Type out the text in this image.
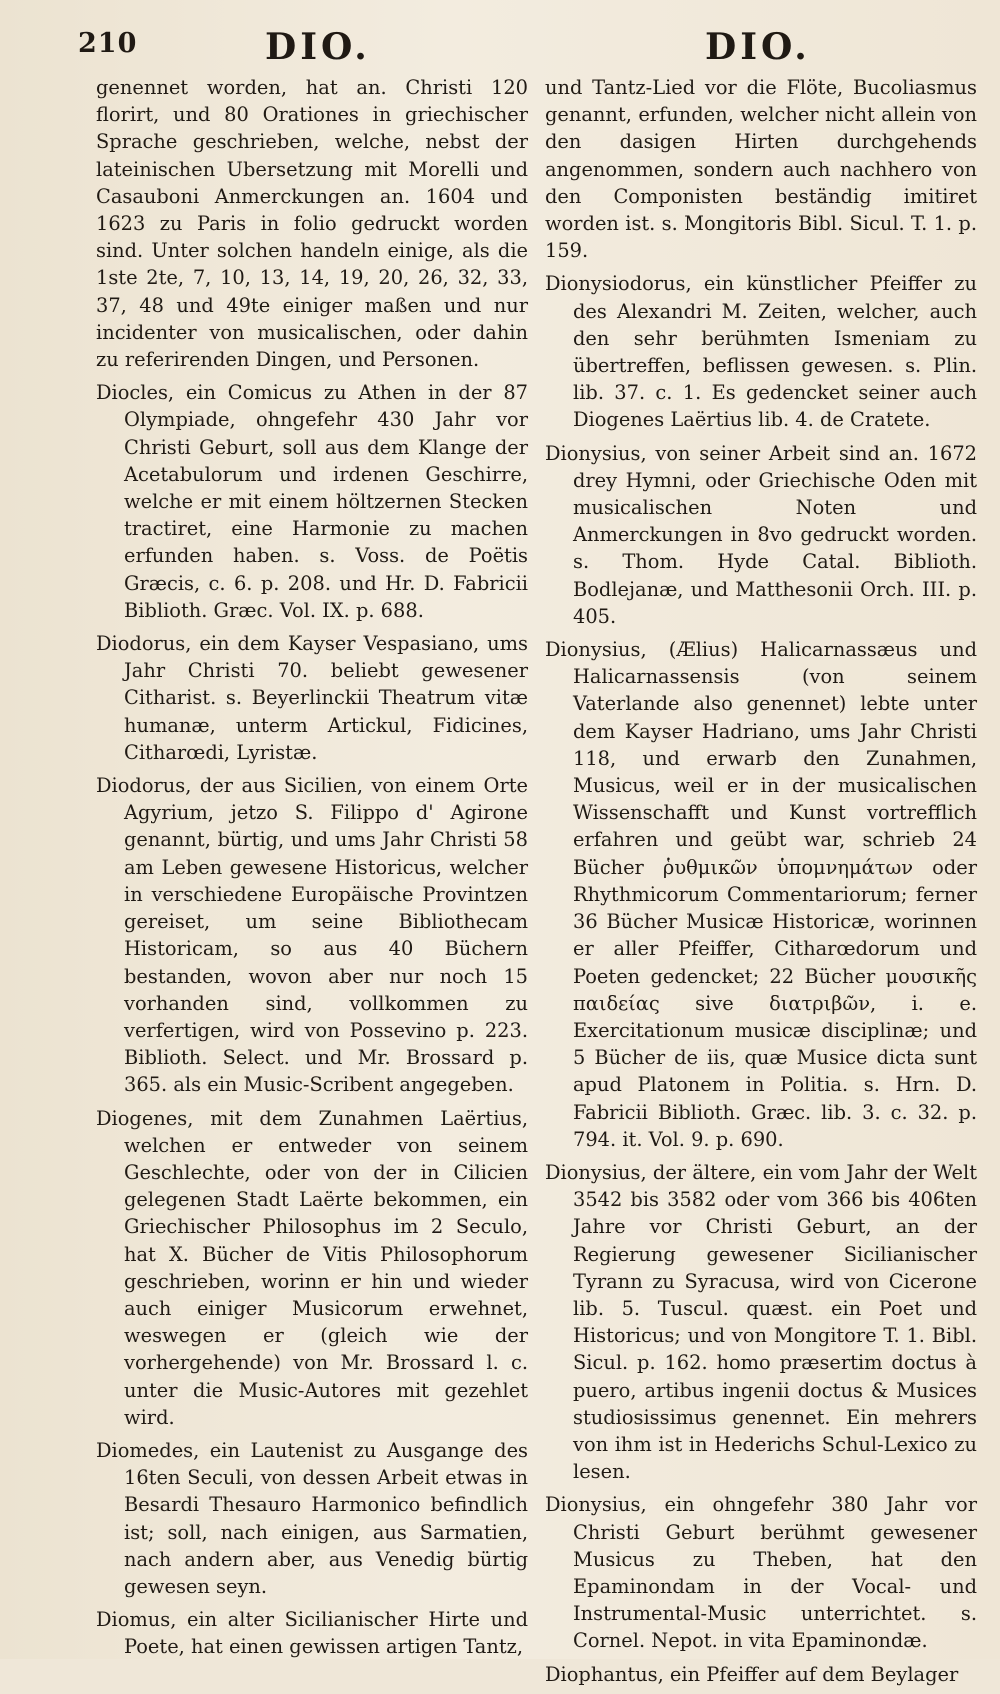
210	DIO.	DIO.
genennet worden, hat an. Christi 120 florirt, und 80 Orationes in griechischer Sprache geschrieben, welche, nebst der lateinischen Ubersetzung mit Morelli und Casauboni Anmerckungen an. 1604 und 1623 zu Paris in folio gedruckt worden sind. Unter solchen handeln einige, als die 1ste 2te, 7, 10, 13, 14, 19, 20, 26, 32, 33, 37, 48 und 49te einiger maßen und nur incidenter von musicalischen, oder dahin zu referirenden Dingen, und Personen.
Diocles, ein Comicus zu Athen in der 87 Olympiade, ohngefehr 430 Jahr vor Christi Geburt, soll aus dem Klange der Acetabulorum und irdenen Geschirre, welche er mit einem höltzernen Stecken tractiret, eine Harmonie zu machen erfunden haben. s. Voss. de Poëtis Græcis, c. 6. p. 208. und Hr. D. Fabricii Biblioth. Græc. Vol. IX. p. 688.
Diodorus, ein dem Kayser Vespasiano, ums Jahr Christi 70. beliebt gewesener Citharist. s. Beyerlinckii Theatrum vitæ humanæ, unterm Artickul, Fidicines, Citharœdi, Lyristæ.
Diodorus, der aus Sicilien, von einem Orte Agyrium, jetzo S. Filippo d' Agirone genannt, bürtig, und ums Jahr Christi 58 am Leben gewesene Historicus, welcher in verschiedene Europäische Provintzen gereiset, um seine Bibliothecam Historicam, so aus 40 Büchern bestanden, wovon aber nur noch 15 vorhanden sind, vollkommen zu verfertigen, wird von Possevino p. 223. Biblioth. Select. und Mr. Brossard p. 365. als ein Music-Scribent angegeben.
Diogenes, mit dem Zunahmen Laërtius, welchen er entweder von seinem Geschlechte, oder von der in Cilicien gelegenen Stadt Laërte bekommen, ein Griechischer Philosophus im 2 Seculo, hat X. Bücher de Vitis Philosophorum geschrieben, worinn er hin und wieder auch einiger Musicorum erwehnet, weswegen er (gleich wie der vorhergehende) von Mr. Brossard l. c. unter die Music-Autores mit gezehlet wird.
Diomedes, ein Lautenist zu Ausgange des 16ten Seculi, von dessen Arbeit etwas in Besardi Thesauro Harmonico befindlich ist; soll, nach einigen, aus Sarmatien, nach andern aber, aus Venedig bürtig gewesen seyn.
Diomus, ein alter Sicilianischer Hirte und Poete, hat einen gewissen artigen Tantz,
und Tantz-Lied vor die Flöte, Bucoliasmus genannt, erfunden, welcher nicht allein von den dasigen Hirten durchgehends angenommen, sondern auch nachhero von den Componisten beständig imitiret worden ist. s. Mongitoris Bibl. Sicul. T. 1. p. 159.
Dionysiodorus, ein künstlicher Pfeiffer zu des Alexandri M. Zeiten, welcher, auch den sehr berühmten Ismeniam zu übertreffen, beflissen gewesen. s. Plin. lib. 37. c. 1. Es gedencket seiner auch Diogenes Laërtius lib. 4. de Cratete.
Dionysius, von seiner Arbeit sind an. 1672 drey Hymni, oder Griechische Oden mit musicalischen Noten und Anmerckungen in 8vo gedruckt worden. s. Thom. Hyde Catal. Biblioth. Bodlejanæ, und Matthesonii Orch. III. p. 405.
Dionysius, (Ælius) Halicarnassæus und Halicarnassensis (von seinem Vaterlande also genennet) lebte unter dem Kayser Hadriano, ums Jahr Christi 118, und erwarb den Zunahmen, Musicus, weil er in der musicalischen Wissenschafft und Kunst vortrefflich erfahren und geübt war, schrieb 24 Bücher ῥυθμικῶν ὑπομνημάτων oder Rhythmicorum Commentariorum; ferner 36 Bücher Musicæ Historicæ, worinnen er aller Pfeiffer, Citharœdorum und Poeten gedencket; 22 Bücher μουσικῆς παιδείας sive διατριβῶν, i. e. Exercitationum musicæ disciplinæ; und 5 Bücher de iis, quæ Musice dicta sunt apud Platonem in Politia. s. Hrn. D. Fabricii Biblioth. Græc. lib. 3. c. 32. p. 794. it. Vol. 9. p. 690.
Dionysius, der ältere, ein vom Jahr der Welt 3542 bis 3582 oder vom 366 bis 406ten Jahre vor Christi Geburt, an der Regierung gewesener Sicilianischer Tyrann zu Syracusa, wird von Cicerone lib. 5. Tuscul. quæst. ein Poet und Historicus; und von Mongitore T. 1. Bibl. Sicul. p. 162. homo præsertim doctus à puero, artibus ingenii doctus & Musices studiosissimus genennet. Ein mehrers von ihm ist in Hederichs Schul-Lexico zu lesen.
Dionysius, ein ohngefehr 380 Jahr vor Christi Geburt berühmt gewesener Musicus zu Theben, hat den Epaminondam in der Vocal- und Instrumental-Music unterrichtet. s. Cornel. Nepot. in vita Epaminondæ.
Diophantus, ein Pfeiffer auf dem Beylager
